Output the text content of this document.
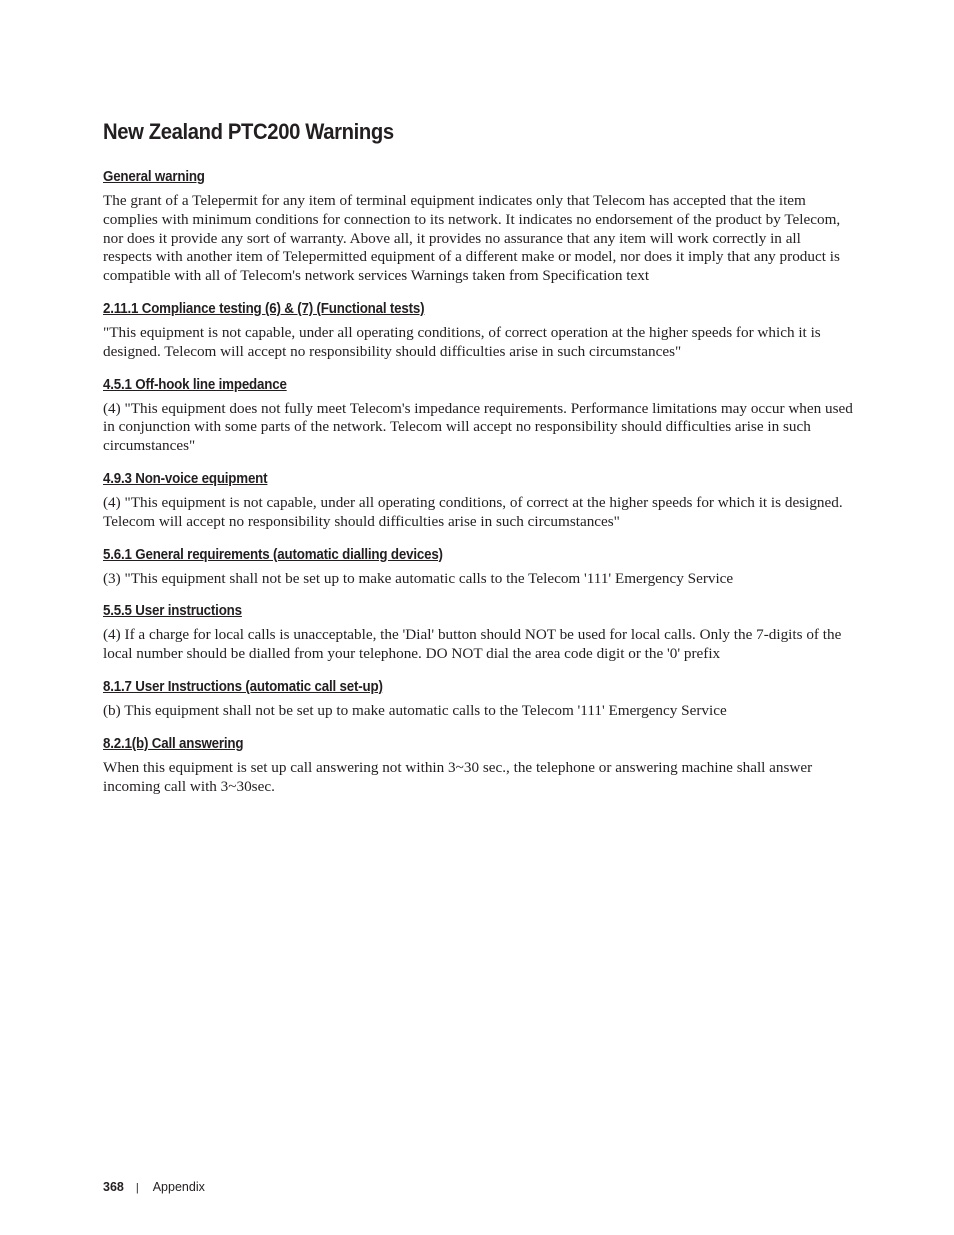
New Zealand PTC200 Warnings
General warning

The grant of a Telepermit for any item of terminal equipment indicates only that Telecom has accepted that the item complies with minimum conditions for connection to its network. It indicates no endorsement of the product by Telecom, nor does it provide any sort of warranty. Above all, it provides no assurance that any item will work correctly in all respects with another item of Telepermitted equipment of a different make or model, nor does it imply that any product is compatible with all of Telecom's network services Warnings taken from Specification text

2.11.1 Compliance testing (6) & (7) (Functional tests)

"This equipment is not capable, under all operating conditions, of correct operation at the higher speeds for which it is designed. Telecom will accept no responsibility should difficulties arise in such circumstances"

4.5.1 Off-hook line impedance

(4) "This equipment does not fully meet Telecom's impedance requirements. Performance limitations may occur when used in conjunction with some parts of the network. Telecom will accept no responsibility should difficulties arise in such circumstances"

4.9.3 Non-voice equipment

(4) "This equipment is not capable, under all operating conditions, of correct at the higher speeds for which it is designed. Telecom will accept no responsibility should difficulties arise in such circumstances"

5.6.1 General requirements (automatic dialling devices)

(3) "This equipment shall not be set up to make automatic calls to the Telecom '111' Emergency Service

5.5.5 User instructions

(4) If a charge for local calls is unacceptable, the 'Dial' button should NOT be used for local calls. Only the 7-digits of the local number should be dialled from your telephone. DO NOT dial the area code digit or the '0' prefix

8.1.7 User Instructions (automatic call set-up)

(b) This equipment shall not be set up to make automatic calls to the Telecom '111' Emergency Service

8.2.1(b) Call answering

When this equipment is set up call answering not within 3~30 sec., the telephone or answering machine shall answer incoming call with 3~30sec.

368 | Appendix
